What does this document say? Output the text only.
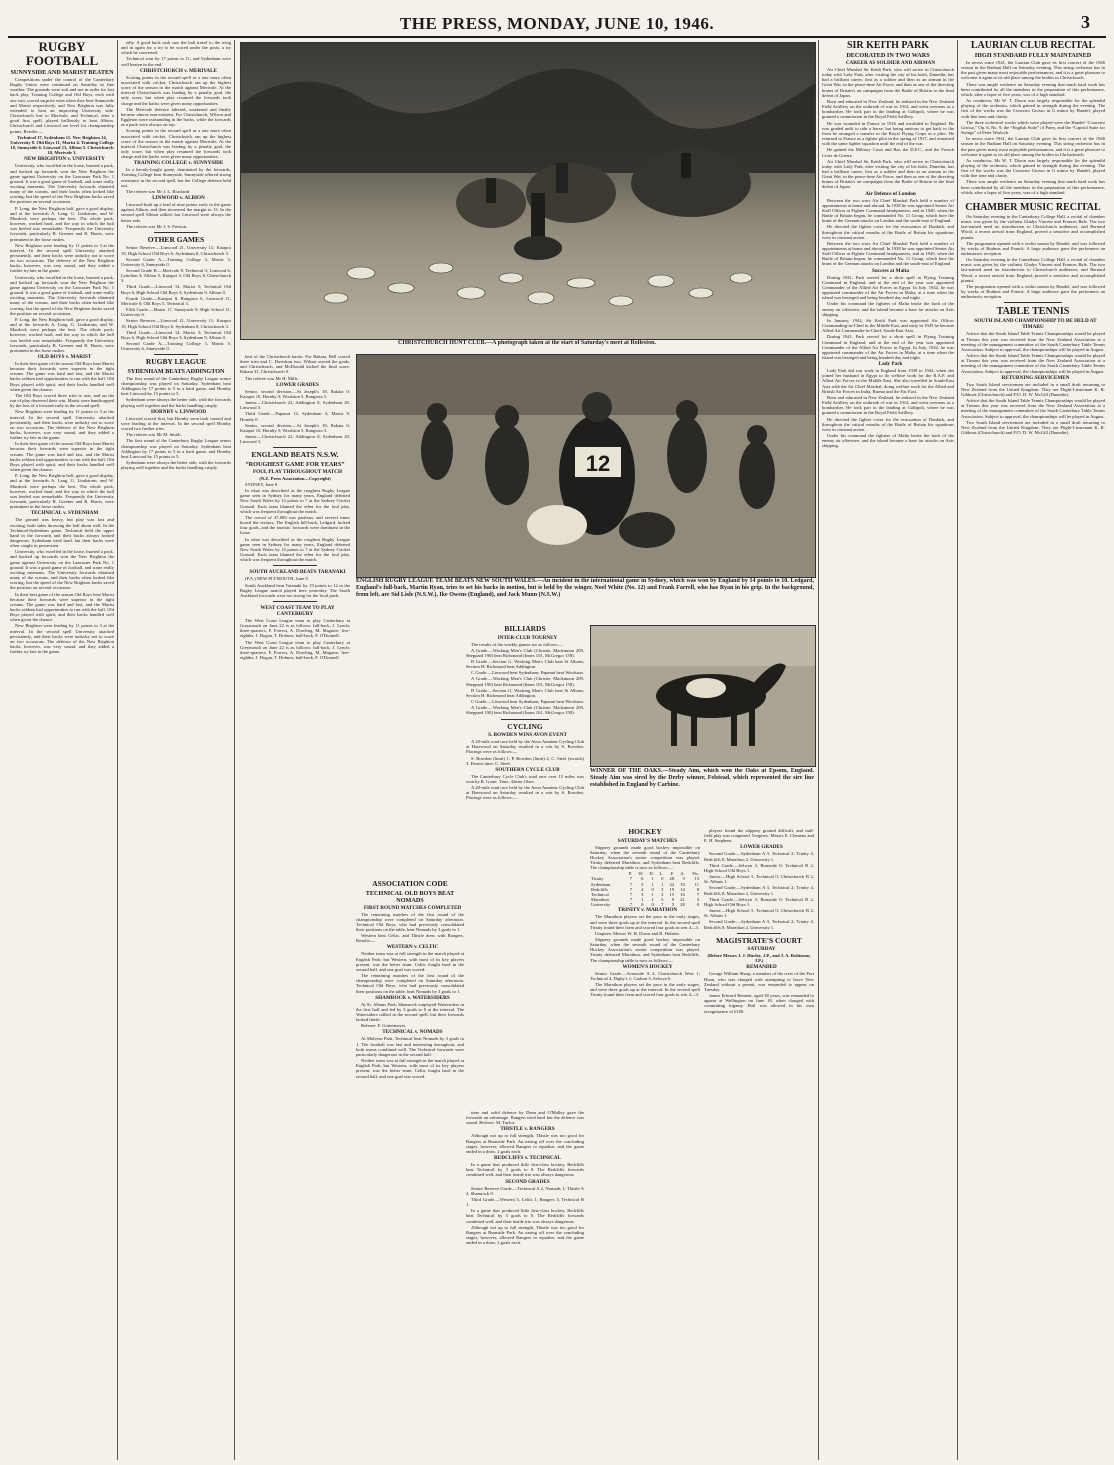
THE PRESS, MONDAY, JUNE 10, 1946.	3

RUGBY FOOTBALL

SUNNYSIDE AND MARIST BEATEN

Competitions under the control of the Canterbury Rugby Union were continued on Saturday in fine weather. The grounds were soft and not in order for fast back play. Training College and Old Boys, each with one win, scored surprise wins when they beat Sunnyside and Marist respectively, and New Brighton was fully extended to beat an improving University side. Christchurch lost to Merivale, and Technical, after a good first spell, played brilliantly to beat Albion. Christchurch and Linwood are level for championship points. Results:—

Technical 17, Sydenham 11. New Brighton 14, University 8. Old Boys 11, Marist 4. Training College 10, Sunnyside 6. Linwood 13, Albion 5. Christchurch 10, Merivale 3.

NEW BRIGHTON v. UNIVERSITY

University, who excelled in the loose, hurried a pack, and backed up forwards won the New Brighton the game against University on the Lancaster Park No. 1 ground. It was a good game of football, and some really exciting moments. The University forwards obtained many of the scrums, and their backs often looked like scoring; but the speed of the New Brighton backs saved the position on several occasions.

P. Long, the New Brighton half, gave a good display, and at the forwards A. Lang, G. Lindstrom, and W. Murdock were perhaps the best. The whole pack, however, worked hard, and the way in which the ball was heeled was remarkable. Frequently the University forwards, particularly B. Greener and R. Harris, were prominent in the loose rushes.

New Brighton were leading by 11 points to 3 at the interval. In the second spell University attacked persistently, and their backs were unlucky not to score on two occasions. The defence of the New Brighton backs, however, was very sound, and they added a further try late in the game.

University, who excelled in the loose, hurried a pack, and backed up forwards won the New Brighton the game against University on the Lancaster Park No. 1 ground. It was a good game of football, and some really exciting moments. The University forwards obtained many of the scrums, and their backs often looked like scoring; but the speed of the New Brighton backs saved the position on several occasions.

P. Long, the New Brighton half, gave a good display, and at the forwards A. Lang, G. Lindstrom, and W. Murdock were perhaps the best. The whole pack, however, worked hard, and the way in which the ball was heeled was remarkable. Frequently the University forwards, particularly B. Greener and R. Harris, were prominent in the loose rushes.

OLD BOYS v. MARIST

In their best game of the season Old Boys beat Marist because their forwards were superior in the tight scrums. The game was hard and fast, and the Marist backs seldom had opportunities to run with the ball. Old Boys played with spirit, and their backs handled well when given the chance.

The Old Boys scored three tries to one, and on the run of play deserved their win. Marist were handicapped by the loss of a forward early in the second spell.

New Brighton were leading by 11 points to 3 at the interval. In the second spell University attacked persistently, and their backs were unlucky not to score on two occasions. The defence of the New Brighton backs, however, was very sound, and they added a further try late in the game.

In their best game of the season Old Boys beat Marist because their forwards were superior in the tight scrums. The game was hard and fast, and the Marist backs seldom had opportunities to run with the ball. Old Boys played with spirit, and their backs handled well when given the chance.

P. Long, the New Brighton half, gave a good display, and at the forwards A. Lang, G. Lindstrom, and W. Murdock were perhaps the best. The whole pack, however, worked hard, and the way in which the ball was heeled was remarkable. Frequently the University forwards, particularly B. Greener and R. Harris, were prominent in the loose rushes.

TECHNICAL v. SYDENHAM

The ground was heavy, but play was fast and exciting, both sides throwing the ball about well. In the Technical-Sydenham game, Technical held the upper hand in the forwards and their backs always looked dangerous. Sydenham tried hard, but their backs were often caught in possession.

University, who excelled in the loose, hurried a pack, and backed up forwards won the New Brighton the game against University on the Lancaster Park No. 1 ground. It was a good game of football, and some really exciting moments. The University forwards obtained many of the scrums, and their backs often looked like scoring; but the speed of the New Brighton backs saved the position on several occasions.

In their best game of the season Old Boys beat Marist because their forwards were superior in the tight scrums. The game was hard and fast, and the Marist backs seldom had opportunities to run with the ball. Old Boys played with spirit, and their backs handled well when given the chance.

New Brighton were leading by 11 points to 3 at the interval. In the second spell University attacked persistently, and their backs were unlucky not to score on two occasions. The defence of the New Brighton backs, however, was very sound, and they added a further try late in the game.

edly. A good back rush saw the ball travel to the wing and in again for a try to be scored under the posts, a try which he converted.

Technical won by 17 points to 11, and Sydenham were well beaten in the end.

CHRISTCHURCH v. MERIVALE

Scoring points in the second spell at a rate more often associated with cricket, Christchurch ran up the highest score of the season in the match against Merivale. At the interval Christchurch was leading by a penalty goal, the only score; but when play resumed the forwards took charge and the backs were given many opportunities.

The Merivale defence faltered, weakened and finally became almost non-existent. For Christchurch, Wilson and Eggleton were outstanding in the backs, while the forwards as a pack were always on top.

Scoring points in the second spell at a rate more often associated with cricket, Christchurch ran up the highest score of the season in the match against Merivale. At the interval Christchurch was leading by a penalty goal, the only score; but when play resumed the forwards took charge and the backs were given many opportunities.

TRAINING COLLEGE v. SUNNYSIDE

In a keenly-fought game, dominated by the forwards, Training College beat Sunnyside. Sunnyside offered strong resistance in the second spell, but the College defence held out.

The referee was Mr J. L. Rowland.

LINWOOD v. ALBION

Linwood built up a lead of nine points early in the game against Albion, and then increased the margin to 13. In the second spell Albion rallied, but Linwood were always the better side.

The referee was Mr J. S. Preston.

OTHER GAMES

Senior Reserve.—Linwood 21, University 11; Kaiapoi 19, High School Old Boys 6; Sydenham 8, Christchurch 3.

Second Grade A.—Training College 3, Marist 3; University 6, Sunnyside 0.

Second Grade B.—Merivale 8, Technical 3; Linwood 6, Lyttelton 3; Albion 5, Kaiapoi 3; Old Boys 8, Christchurch 3.

Third Grade.—Linwood 14, Marist 3; Technical Old Boys 6, High School Old Boys 3; Sydenham 9, Albion 0.

Fourth Grade.—Kaiapoi 8, Rangiora 6; Linwood 11, Merivale 0; Old Boys 5, Technical 3.

Fifth Grade.—Marist 17, Sunnyside 0; High School 11, University 6.

Senior Reserve.—Linwood 21, University 11; Kaiapoi 19, High School Old Boys 6; Sydenham 8, Christchurch 3.

Third Grade.—Linwood 14, Marist 3; Technical Old Boys 6, High School Old Boys 3; Sydenham 9, Albion 0.

Second Grade A.—Training College 3, Marist 3; University 6, Sunnyside 0.

RUGBY LEAGUE

SYDENHAM BEATS ADDINGTON

The first round of the Canterbury Rugby League senior championship was played on Saturday. Sydenham beat Addington by 17 points to 5 in a hard game, and Hornby beat Linwood by 15 points to 5.

Sydenham were always the better side, with the forwards playing well together and the backs handling crisply.

HORNBY v. LINWOOD

Linwood scored first, but Hornby soon took control and were leading at the interval. In the second spell Hornby scored two further tries.

The referee was Mr M. Smith.

The first round of the Canterbury Rugby League senior championship was played on Saturday. Sydenham beat Addington by 17 points to 5 in a hard game, and Hornby beat Linwood by 15 points to 5.

Sydenham were always the better side, with the forwards playing well together and the backs handling crisply.

CHRISTCHURCH HUNT CLUB.—A photograph taken at the start of Saturday's meet at Rolleston.

best of the Christchurch backs. For Rakaia, Bell scored three tries and C. Davidson two. Wilson scored the goals, and Christchurch, and McDonald kicked the final score: Rakaia 31, Christchurch 0.

The referee was Mr H. Mills.

LOWER GRADES

Senior, second division.—St Joseph's 18, Rakaia 0; Kaiapoi 10, Hornby 3; Woolston 5, Rangiora 3.

Junior.—Christchurch 22, Addington 0; Sydenham 20, Linwood 3.

Third Grade.—Papanui 12, Sydenham 3; Marist 9, Hornby 0.

Senior, second division.—St Joseph's 18, Rakaia 0; Kaiapoi 10, Hornby 3; Woolston 5, Rangiora 3.

Junior.—Christchurch 22, Addington 0; Sydenham 20, Linwood 3.

ENGLAND BEATS N.S.W.

“ROUGHEST GAME FOR YEARS”

FOUL PLAY THROUGHOUT MATCH

(N.Z. Press Association—Copyright)

SYDNEY, June 9.

In what was described as the roughest Rugby League game seen in Sydney for many years, England defeated New South Wales by 14 points to 7 at the Sydney Cricket Ground. Each team blamed the other for the foul play, which was frequent throughout the match.

The crowd of 47,000 was partisan, and several times booed the visitors. The English full-back, Ledgard, kicked four goals, and the tourists' forwards were dominant in the loose.

In what was described as the roughest Rugby League game seen in Sydney for many years, England defeated New South Wales by 14 points to 7 at the Sydney Cricket Ground. Each team blamed the other for the foul play, which was frequent throughout the match.

SOUTH AUCKLAND BEATS TARANAKI

(P.A.) NEW PLYMOUTH, June 9.

South Auckland beat Taranaki by 19 points to 12 in the Rugby League match played here yesterday. The South Auckland forwards were too strong for the local pack.

WEST COAST TEAM TO PLAY CANTERBURY

The West Coast League team to play Canterbury at Greymouth on June 22 is as follows: full-back, J. Lynch; three-quarters, F. Forrest, A. Dowling, M. Maguire; five-eighths, J. Hogan, T. Holmes; half-back, F. O'Donnell.

The West Coast League team to play Canterbury at Greymouth on June 22 is as follows: full-back, J. Lynch; three-quarters, F. Forrest, A. Dowling, M. Maguire; five-eighths, J. Hogan, T. Holmes; half-back, F. O'Donnell.

ASSOCIATION CODE

TECHNICAL OLD BOYS BEAT NOMADS

FIRST ROUND MATCHES COMPLETED

The remaining matches of the first round of the championship were completed on Saturday afternoon. Technical Old Boys, who had previously consolidated their positions on the table, beat Nomads by 3 goals to 1.

Western beat Celtic, and Thistle drew with Rangers. Results:—

WESTERN v. CELTIC

Neither team was at full strength in the match played at English Park; but Western, with most of its key players present, was the better team. Celtic fought hard in the second half, and one goal was scored.

The remaining matches of the first round of the championship were completed on Saturday afternoon. Technical Old Boys, who had previously consolidated their positions on the table, beat Nomads by 3 goals to 1.

SHAMROCK v. WATERSIDERS

At St. Albans Park, Shamrock outplayed Watersiders in the first half and led by 3 goals to 0 at the interval. The Watersiders rallied in the second spell, but their forwards lacked finish.

Referee: F. Gottermeyer.

TECHNICAL v. NOMADS

At Malvern Park, Technical beat Nomads by 3 goals to 1. The football was fast and interesting throughout, and both teams combined well. The Technical forwards were particularly dangerous in the second half.

Neither team was at full strength in the match played at English Park; but Western, with most of its key players present, was the better team. Celtic fought hard in the second half, and one goal was scored.

12
ENGLISH RUGBY LEAGUE TEAM BEATS NEW SOUTH WALES.—An incident in the international game in Sydney, which was won by England by 14 points to 10. Ledgard, England's full-back, Martin Ryan, tries to set his backs in motion, but is held by the winger, Noel White (No. 12) and Frank Farrell, who has Ryan in his grip. In the background, from left, are Sid Lisle (N.S.W.), Ike Owens (England), and Jack Munn (N.S.W.)

BILLIARDS

INTER-CLUB TOURNEY

The results of the weekly games are as follows:—

A Grade.—Working Men's Club (Christie, Mackinnon 209, Sheppard 190) beat Richmond (Innes 101, McGregor 158).

B Grade.—Section G: Working Men's Club beat St Albans; Section H: Richmond beat Addington.

C Grade.—Linwood beat Sydenham; Papanui beat Woolston.

A Grade.—Working Men's Club (Christie, Mackinnon 209, Sheppard 190) beat Richmond (Innes 101, McGregor 158).

B Grade.—Section G: Working Men's Club beat St Albans; Section H: Richmond beat Addington.

C Grade.—Linwood beat Sydenham; Papanui beat Woolston.

A Grade.—Working Men's Club (Christie, Mackinnon 209, Sheppard 190) beat Richmond (Innes 101, McGregor 158).

CYCLING

S. BOWDEN WINS AVON EVENT

A 20-mile road race held by the Avon Amateur Cycling Club at Harewood on Saturday resulted in a win by S. Bowden. Placings were as follows:—

S. Bowden (limit) 1, P. Bowden (limit) 2, C. Steel (scratch) 3. Fastest time: C. Steel.

SOUTHERN CYCLE CLUB

The Canterbury Cycle Club's road race over 15 miles was won by R. Grant. Time, 42min 10sec.

A 20-mile road race held by the Avon Amateur Cycling Club at Harewood on Saturday resulted in a win by S. Bowden. Placings were as follows:—

WINNER OF THE OAKS.—Steady Aim, which won the Oaks at Epsom, England. Steady Aim was sired by the Derby winner, Felstead, which represented the sire line established in England by Carbine.

HOCKEY

SATURDAY'S MATCHES

Slippery grounds made good hockey impossible on Saturday, when the seventh round of the Canterbury Hockey Association's senior competition was played. Trinity defeated Marathon, and Sydenham beat Redcliffs. The championship table is now as follows:—

	P.	W.	D.	L.	F.	A.	Pts.
Trinity	7	6	1	0	28	9	13
Sydenham	7	5	1	1	22	10	11
Redcliffs	7	4	0	3	19	14	8
Technical	7	3	1	3	15	16	7
Marathon	7	1	1	5	9	21	3
University	7	0	0	7	5	28	0

TRINITY v. MARATHON

The Marathon players set the pace in the early stages, and were three goals up at the interval. In the second spell Trinity found their form and scored four goals to win 4—3.

Umpires: Messrs W. H. Down and R. Holmes.

Slippery grounds made good hockey impossible on Saturday, when the seventh round of the Canterbury Hockey Association's senior competition was played. Trinity defeated Marathon, and Sydenham beat Redcliffs. The championship table is now as follows:—

WOMEN'S HOCKEY

Senior Grade.—Avonside A 2, Christchurch West 1; Technical 4, Digby's 1; Carlton 3, Selwyn 0.

The Marathon players set the pace in the early stages, and were three goals up at the interval. In the second spell Trinity found their form and scored four goals to win 4—3.

players found the slippery ground difficult, and mid-field play was congested. Umpires: Messrs E. Clemens and E. H. Stephens.

LOWER GRADES

Second Grade.—Sydenham A 3, Technical 2; Trinity 4, Redcliffs 0; Marathon 2, University 1.

Third Grade.—Selwyn 3, Burnside 0; Technical B 2, High School Old Boys 1.

Junior.—High School 5, Technical 0; Christchurch B 2, St. Albans 1.

Second Grade.—Sydenham A 3, Technical 2; Trinity 4, Redcliffs 0; Marathon 2, University 1.

Third Grade.—Selwyn 3, Burnside 0; Technical B 2, High School Old Boys 1.

Junior.—High School 5, Technical 0; Christchurch B 2, St. Albans 1.

Second Grade.—Sydenham A 3, Technical 2; Trinity 4, Redcliffs 0; Marathon 2, University 1.

MAGISTRATE'S COURT

SATURDAY

(Before Messrs J. J. Hurley, J.P., and J. A. Robinson, J.P.)

REMANDED

George William Sharp, a member of the crew of the Port Huon, who was charged with attempting to leave New Zealand without a permit, was remanded to appear on Tuesday.

James Edward Bennett, aged 38 years, was remanded to appear at Wellington on June 18, when charged with committing bigamy. Bail was allowed in his own recognisance of £100.

time and solid defence by Dean and O'Malley gave the forwards an advantage. Rangers tried hard but the defence was sound. Referee: M. Taylor.

THISTLE v. RANGERS

Although not up to full strength, Thistle was too good for Rangers at Burnside Park. An easing off over the concluding stages, however, allowed Rangers to equalise, and the game ended in a draw, 2 goals each.

REDCLIFFS v. TECHNICAL

In a game that produced little first-class hockey, Redcliffs beat Technical by 3 goals to 0. The Redcliffs forwards combined well, and their inside trio was always dangerous.

SECOND GRADES

Senior Reserve Grade.—Technical A 2, Nomads 1; Thistle A 2, Shamrock 0.

Third Grade.—Western 5, Celtic 1; Rangers 3, Technical B 1.

In a game that produced little first-class hockey, Redcliffs beat Technical by 3 goals to 0. The Redcliffs forwards combined well, and their inside trio was always dangerous.

Although not up to full strength, Thistle was too good for Rangers at Burnside Park. An easing off over the concluding stages, however, allowed Rangers to equalise, and the game ended in a draw, 2 goals each.

SIR KEITH PARK

DECORATED IN TWO WARS

CAREER AS SOLDIER AND AIRMAN

Air Chief Marshal Sir Keith Park, who will arrive in Christchurch today with Lady Park, after visiting the city of his birth, Dunedin, has had a brilliant career, first as a soldier and then as an airman in the Great War, in the peace-time Air Force, and then as one of the directing brains of Britain's air campaigns from the Battle of Britain to the final defeat of Japan.

Born and educated in New Zealand, he enlisted in the New Zealand Field Artillery on the outbreak of war in 1914, and went overseas as a bombardier. He took part in the landing at Gallipoli, where he was granted a commission in the Royal Field Artillery.

He was wounded in France in 1916 and invalided to England. He was graded unfit to ride a horse, but being anxious to get back to the front he arranged a transfer to the Royal Flying Corps as a pilot. He returned to France as a fighter pilot in the spring of 1917, and remained with the same fighter squadron until the end of the war.

He gained the Military Cross and Bar, the D.F.C., and the French Croix de Guerre.

Air Chief Marshal Sir Keith Park, who will arrive in Christchurch today with Lady Park, after visiting the city of his birth, Dunedin, has had a brilliant career, first as a soldier and then as an airman in the Great War, in the peace-time Air Force, and then as one of the directing brains of Britain's air campaigns from the Battle of Britain to the final defeat of Japan.

Air Defence of London

Between the two wars Air Chief Marshal Park held a number of appointments at home and abroad. In 1938 he was appointed Senior Air Staff Officer at Fighter Command headquarters, and in 1940, when the Battle of Britain began, he commanded No. 11 Group, which bore the brunt of the German attacks on London and the south-east of England.

He directed the fighter cover for the evacuation of Dunkirk, and throughout the critical months of the Battle of Britain his squadrons were in constant action.

Between the two wars Air Chief Marshal Park held a number of appointments at home and abroad. In 1938 he was appointed Senior Air Staff Officer at Fighter Command headquarters, and in 1940, when the Battle of Britain began, he commanded No. 11 Group, which bore the brunt of the German attacks on London and the south-east of England.

Success at Malta

During 1941, Park served for a short spell in Flying Training Command in England, and at the end of the year was appointed Commander of the Allied Air Forces in Egypt. In July, 1942, he was appointed commander of the Air Forces in Malta, at a time when the island was besieged and being bombed day and night.

Under his command the fighters of Malta broke the back of the enemy air offensive, and the island became a base for attacks on Axis shipping.

In January, 1944, Sir Keith Park was appointed Air Officer Commanding-in-Chief in the Middle East, and early in 1945 he became Allied Air Commander-in-Chief, South-East Asia.

During 1941, Park served for a short spell in Flying Training Command in England, and at the end of the year was appointed Commander of the Allied Air Forces in Egypt. In July, 1942, he was appointed commander of the Air Forces in Malta, at a time when the island was besieged and being bombed day and night.

Lady Park

Lady Park did war work in England from 1939 to 1944, when she joined her husband in Egypt to do welfare work for the R.A.F. and Allied Air Forces in the Middle East. She also travelled in South-East Asia with the Air Chief Marshal, doing welfare work for the Allied and British Air Forces in India, Burma and the Far East.

Born and educated in New Zealand, he enlisted in the New Zealand Field Artillery on the outbreak of war in 1914, and went overseas as a bombardier. He took part in the landing at Gallipoli, where he was granted a commission in the Royal Field Artillery.

He directed the fighter cover for the evacuation of Dunkirk, and throughout the critical months of the Battle of Britain his squadrons were in constant action.

Under his command the fighters of Malta broke the back of the enemy air offensive, and the island became a base for attacks on Axis shipping.

LAURIAN CLUB RECITAL

HIGH STANDARD FULLY MAINTAINED

In recess since 1941, the Laurian Club gave its first concert of the 1946 season in the Radiant Hall on Saturday evening. This string orchestra has in the past given many most enjoyable performances, and it is a great pleasure to welcome it again to its old place among the bodies in Christchurch.

There was ample evidence on Saturday evening that much hard work has been contributed by all the members in the preparation of this performance, which, after a lapse of five years, was of a high standard.

As conductor, Mr W. T. Dixon was largely responsible for the splendid playing of the orchestra, which gained in strength during the evening. The first of the works was the Concerto Grosso in G minor by Handel, played with fine tone and clarity.

The three orchestral works which were played were the Handel “Concerto Grosso,” Op. 6, No. 9, the “English Suite” of Parry, and the “Capriol Suite for Strings” of Peter Warlock.

In recess since 1941, the Laurian Club gave its first concert of the 1946 season in the Radiant Hall on Saturday evening. This string orchestra has in the past given many most enjoyable performances, and it is a great pleasure to welcome it again to its old place among the bodies in Christchurch.

As conductor, Mr W. T. Dixon was largely responsible for the splendid playing of the orchestra, which gained in strength during the evening. The first of the works was the Concerto Grosso in G minor by Handel, played with fine tone and clarity.

There was ample evidence on Saturday evening that much hard work has been contributed by all the members in the preparation of this performance, which, after a lapse of five years, was of a high standard.

CHAMBER MUSIC RECITAL

On Saturday evening in the Canterbury College Hall, a recital of chamber music was given by the violinist Gladys Vincent and Frances Bale. The two last-named need no introduction to Christchurch audiences, and Bernard Wood, a recent arrival from England, proved a sensitive and accomplished pianist.

The programme opened with a violin sonata by Handel, and was followed by works of Brahms and Franck. A large audience gave the performers an enthusiastic reception.

On Saturday evening in the Canterbury College Hall, a recital of chamber music was given by the violinist Gladys Vincent and Frances Bale. The two last-named need no introduction to Christchurch audiences, and Bernard Wood, a recent arrival from England, proved a sensitive and accomplished pianist.

The programme opened with a violin sonata by Handel, and was followed by works of Brahms and Franck. A large audience gave the performers an enthusiastic reception.

TABLE TENNIS

SOUTH ISLAND CHAMPIONSHIP TO BE HELD AT TIMARU

Advice that the South Island Table Tennis Championships would be played at Timaru this year was received from the New Zealand Association at a meeting of the management committee of the South Canterbury Table Tennis Association. Subject to approval, the championships will be played in August.

Advice that the South Island Table Tennis Championships would be played at Timaru this year was received from the New Zealand Association at a meeting of the management committee of the South Canterbury Table Tennis Association. Subject to approval, the championships will be played in August.

RETURNING SERVICEMEN

Two South Island servicemen are included in a small draft returning to New Zealand from the United Kingdom. They are Flight-Lieutenant K. R. Gibbons (Christchurch) and F/O. D. W. McGill (Dunedin).

Advice that the South Island Table Tennis Championships would be played at Timaru this year was received from the New Zealand Association at a meeting of the management committee of the South Canterbury Table Tennis Association. Subject to approval, the championships will be played in August.

Two South Island servicemen are included in a small draft returning to New Zealand from the United Kingdom. They are Flight-Lieutenant K. R. Gibbons (Christchurch) and F/O. D. W. McGill (Dunedin).
